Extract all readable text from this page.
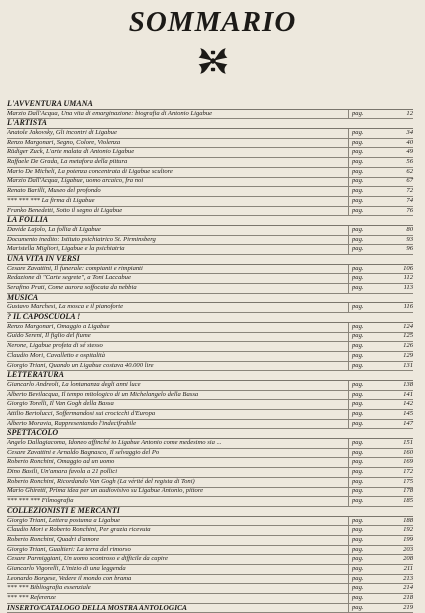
SOMMARIO
L'AVVENTURA UMANA
Marzio Dall'Acqua, Una vita di emarginazione: biografia di Antonio Ligabue	pag.	12
L'ARTISTA
Anatole Jakovsky, Gli incontri di Ligabue	pag.	34
Renzo Margonari, Segno, Colore, Violenza	pag.	40
Rüdiger Zuck, L'arte malata di Antonio Ligabue	pag.	49
Raffaele De Grada, La metafora della pittura	pag.	56
Mario De Micheli, La potenza concentrata di Ligabue scultore	pag.	62
Marzio Dall'Acqua, Ligabue, uomo arcaico, fra noi	pag.	67
Renato Barilli, Museo del profondo	pag.	72
*** *** *** La firma di Ligabue	pag.	74
Franko Benedetti, Sotto il segno di Ligabue	pag.	76
LA FOLLIA
Davide Lajolo, La follia di Ligabue	pag.	80
Documento inedito: Istituto psichiatrico St. Pirminsberg	pag.	93
Maristella Migliori, Ligabue e la psichiatria	pag.	96
UNA VITA IN VERSI
Cesare Zavattini, Il funerale: compianti e rimpianti	pag.	106
Redazione di "Carte segrete", a Toni Laccabue	pag.	112
Serafino Prati, Come aurora soffocata da nebbia	pag.	113
MUSICA
Gustavo Marchesi, La mosca e il pianoforte	pag.	116
? IL CAPOSCUOLA !
Renzo Margonari, Omaggio a Ligabue	pag.	124
Guido Sereni, Il figlio del fiume	pag.	125
Nerone, Ligabue profeta di sé stesso	pag.	126
Claudio Mori, Cavalletto e ospitalità	pag.	129
Giorgio Triani, Quando un Ligabue costava 40.000 lire	pag.	131
LETTERATURA
Giancarlo Andreoli, La lontananza degli anni luce	pag.	138
Alberto Bevilacqua, Il tempo mitologico di un Michelangelo della Bassa	pag.	141
Giorgio Torelli, Il Van Gogh della Bassa	pag.	142
Attilio Bertolucci, Soffermandosi sui crocicchi d'Europa	pag.	145
Alberto Moravia, Rappresentando l'indecifrabile	pag.	147
SPETTACOLO
Angelo Dallagiacoma, Idoneo affinché io Ligabue Antonio come medesimo sia ...	pag.	151
Cesare Zavattini e Arnaldo Bagnasco, Il selvaggio del Po	pag.	160
Roberto Ronchini, Omaggio ad un uomo	pag.	169
Dino Basili, Un'amara favola a 21 pollici	pag.	172
Roberto Ronchini, Ricordando Van Gogh (La vérité del regista di Toni)	pag.	175
Mario Ghiretti, Prima idea per un audiovisivo su Ligabue Antonio, pittore	pag.	178
*** *** *** Filmografia	pag.	185
COLLEZIONISTI E MERCANTI
Giorgio Triani, Lettera postuma a Ligabue	pag.	188
Claudio Mori e Roberto Ronchini, Per grazia ricevuta	pag.	192
Roberto Ronchini, Quadri d'amore	pag.	199
Giorgio Triani, Gualtieri: La terra del rimorso	pag.	203
Cesare Parmiggiani, Un uomo scontroso e difficile da capire	pag.	208
Giancarlo Vigorelli, L'inizio di una leggenda	pag.	211
Leonardo Borgese, Vedere il mondo con brama	pag.	213
*** *** Bibliografia essenziale	pag.	214
*** *** Referenze	pag.	218
INSERTO/CATALOGO DELLA MOSTRA ANTOLOGICA	pag.	219
